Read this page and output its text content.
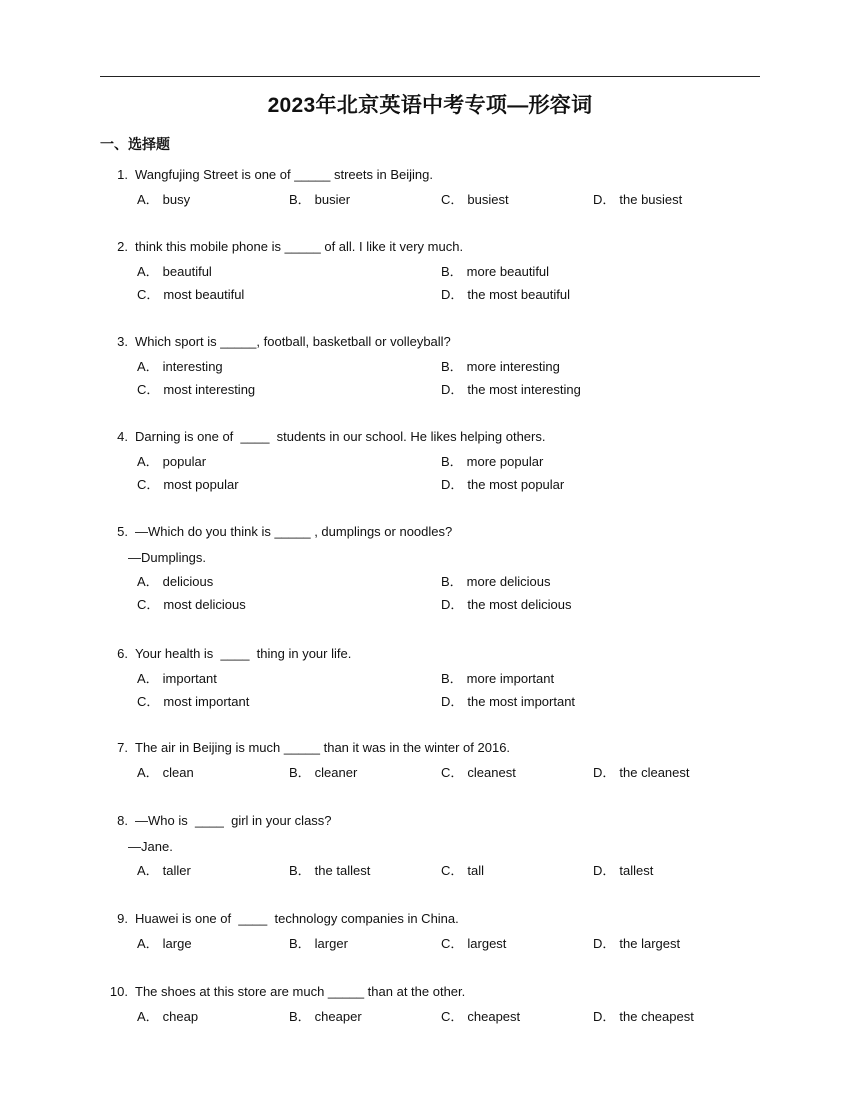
2023年北京英语中考专项—形容词
一、选择题
1. Wangfujing Street is one of _____ streets in Beijing.
A． busy	B． busier	C． busiest	D． the busiest
2. think this mobile phone is _____ of all. I like it very much.
A． beautiful	B． more beautiful
C． most beautiful	D． the most beautiful
3. Which sport is _____, football, basketball or volleyball?
A． interesting	B． more interesting
C． most interesting	D． the most interesting
4. Darning is one of  ____  students in our school. He likes helping others.
A． popular	B． more popular
C． most popular	D． the most popular
5. —Which do you think is _____ , dumplings or noodles?
—Dumplings.
A． delicious	B． more delicious
C． most delicious	D． the most delicious
6. Your health is  ____  thing in your life.
A． important	B． more important
C． most important	D． the most important
7. The air in Beijing is much _____ than it was in the winter of 2016.
A． clean	B． cleaner	C． cleanest	D． the cleanest
8. —Who is  ____  girl in your class?
—Jane.
A． taller	B． the tallest	C． tall	D． tallest
9. Huawei is one of  ____  technology companies in China.
A． large	B． larger	C． largest	D． the largest
10. The shoes at this store are much _____ than at the other.
A． cheap	B． cheaper	C． cheapest	D． the cheapest
